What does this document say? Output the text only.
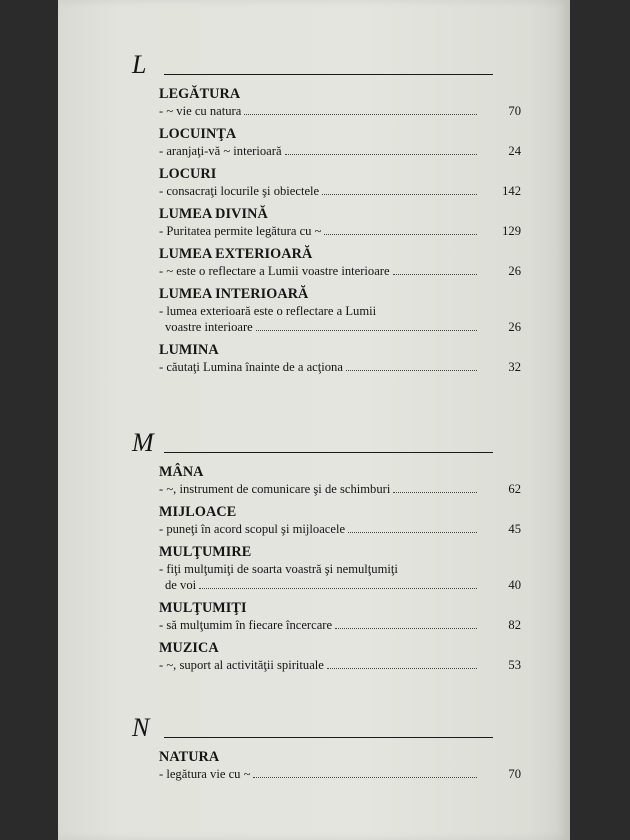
L
LEGĂTURA
- ~ vie cu natura	70
LOCUINŢA
- aranjaţi-vă ~ interioară	24
LOCURI
- consacraţi locurile şi obiectele	142
LUMEA DIVINĂ
- Puritatea permite legătura cu ~	129
LUMEA EXTERIOARĂ
- ~ este o reflectare a Lumii voastre interioare	26
LUMEA INTERIOARĂ
- lumea exterioară este o reflectare a Lumii
voastre interioare	26
LUMINA
- căutaţi Lumina înainte de a acţiona	32
M
MÂNA
- ~, instrument de comunicare şi de schimburi	62
MIJLOACE
- puneţi în acord scopul şi mijloacele	45
MULŢUMIRE
- fiţi mulţumiţi de soarta voastră şi nemulţumiţi
de voi	40
MULŢUMIŢI
- să mulţumim în fiecare încercare	82
MUZICA
- ~, suport al activităţii spirituale	53
N
NATURA
- legătura vie cu ~	70
